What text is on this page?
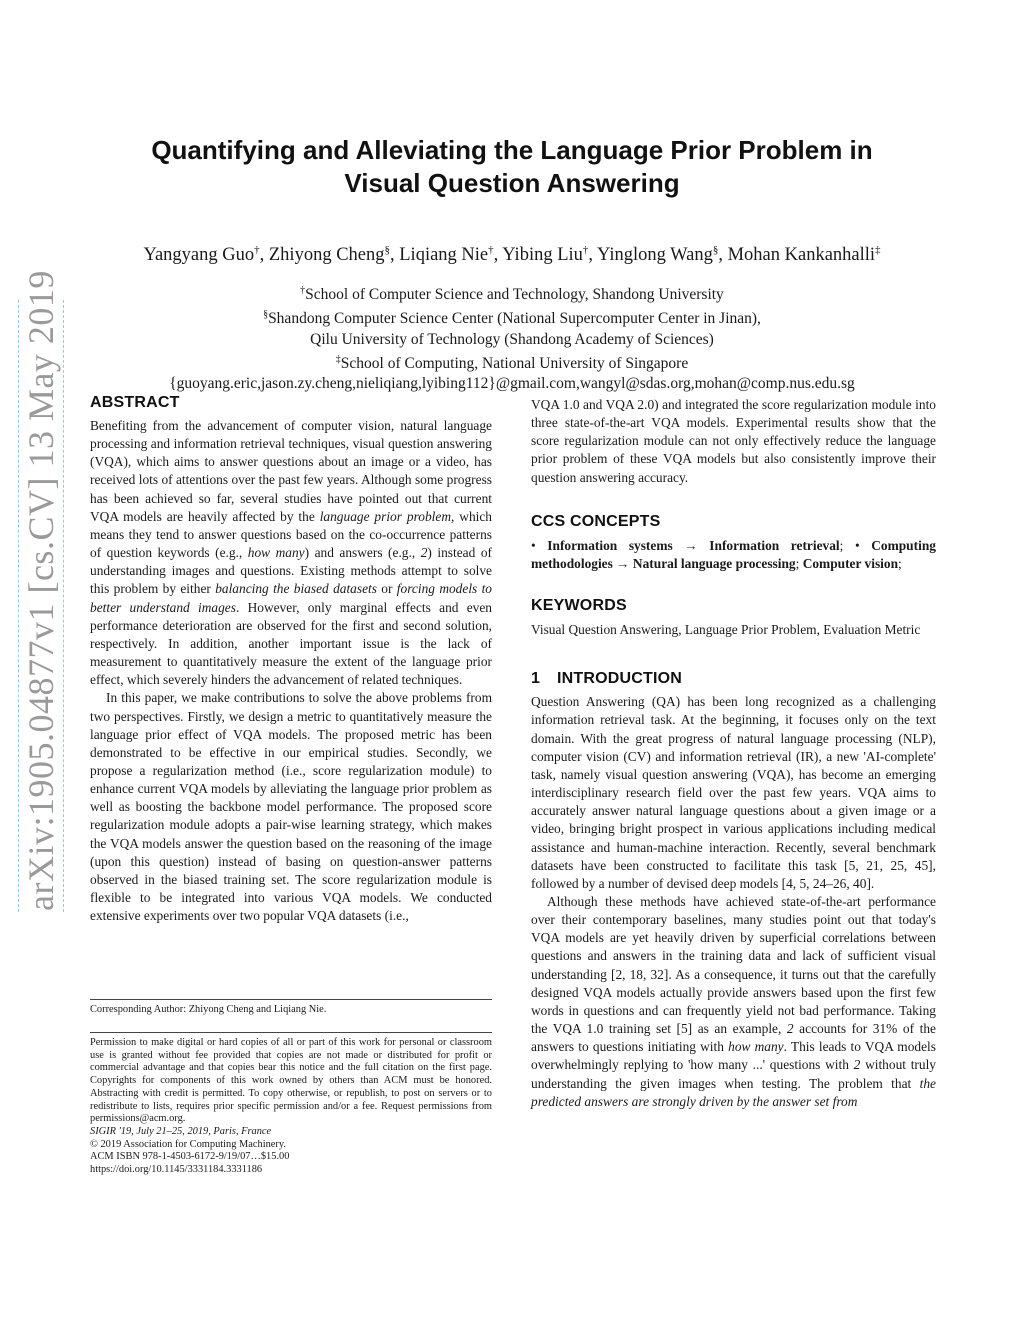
arXiv:1905.04877v1 [cs.CV] 13 May 2019
Quantifying and Alleviating the Language Prior Problem in
Visual Question Answering
Yangyang Guo†, Zhiyong Cheng§, Liqiang Nie†, Yibing Liu†, Yinglong Wang§, Mohan Kankanhalli‡
†School of Computer Science and Technology, Shandong University
§Shandong Computer Science Center (National Supercomputer Center in Jinan),
Qilu University of Technology (Shandong Academy of Sciences)
‡School of Computing, National University of Singapore
{guoyang.eric,jason.zy.cheng,nieliqiang,lyibing112}@gmail.com,wangyl@sdas.org,mohan@comp.nus.edu.sg
ABSTRACT

Benefiting from the advancement of computer vision, natural language processing and information retrieval techniques, visual question answering (VQA), which aims to answer questions about an image or a video, has received lots of attentions over the past few years. Although some progress has been achieved so far, several studies have pointed out that current VQA models are heavily affected by the language prior problem, which means they tend to answer questions based on the co-occurrence patterns of question keywords (e.g., how many) and answers (e.g., 2) instead of understanding images and questions. Existing methods attempt to solve this problem by either balancing the biased datasets or forcing models to better understand images. However, only marginal effects and even performance deterioration are observed for the first and second solution, respectively. In addition, another important issue is the lack of measurement to quantitatively measure the extent of the language prior effect, which severely hinders the advancement of related techniques.

In this paper, we make contributions to solve the above problems from two perspectives. Firstly, we design a metric to quantitatively measure the language prior effect of VQA models. The proposed metric has been demonstrated to be effective in our empirical studies. Secondly, we propose a regularization method (i.e., score regularization module) to enhance current VQA models by alleviating the language prior problem as well as boosting the backbone model performance. The proposed score regularization module adopts a pair-wise learning strategy, which makes the VQA models answer the question based on the reasoning of the image (upon this question) instead of basing on question-answer patterns observed in the biased training set. The score regularization module is flexible to be integrated into various VQA models. We conducted extensive experiments over two popular VQA datasets (i.e.,

Corresponding Author: Zhiyong Cheng and Liqiang Nie.

Permission to make digital or hard copies of all or part of this work for personal or classroom use is granted without fee provided that copies are not made or distributed for profit or commercial advantage and that copies bear this notice and the full citation on the first page. Copyrights for components of this work owned by others than ACM must be honored. Abstracting with credit is permitted. To copy otherwise, or republish, to post on servers or to redistribute to lists, requires prior specific permission and/or a fee. Request permissions from permissions@acm.org.

SIGIR '19, July 21–25, 2019, Paris, France
© 2019 Association for Computing Machinery.
ACM ISBN 978-1-4503-6172-9/19/07…$15.00
https://doi.org/10.1145/3331184.3331186

VQA 1.0 and VQA 2.0) and integrated the score regularization module into three state-of-the-art VQA models. Experimental results show that the score regularization module can not only effectively reduce the language prior problem of these VQA models but also consistently improve their question answering accuracy.

CCS CONCEPTS

• Information systems → Information retrieval; • Computing methodologies → Natural language processing; Computer vision;

KEYWORDS

Visual Question Answering, Language Prior Problem, Evaluation Metric

1 INTRODUCTION

Question Answering (QA) has been long recognized as a challenging information retrieval task. At the beginning, it focuses only on the text domain. With the great progress of natural language processing (NLP), computer vision (CV) and information retrieval (IR), a new 'AI-complete' task, namely visual question answering (VQA), has become an emerging interdisciplinary research field over the past few years. VQA aims to accurately answer natural language questions about a given image or a video, bringing bright prospect in various applications including medical assistance and human-machine interaction. Recently, several benchmark datasets have been constructed to facilitate this task [5, 21, 25, 45], followed by a number of devised deep models [4, 5, 24–26, 40].

Although these methods have achieved state-of-the-art performance over their contemporary baselines, many studies point out that today's VQA models are yet heavily driven by superficial correlations between questions and answers in the training data and lack of sufficient visual understanding [2, 18, 32]. As a consequence, it turns out that the carefully designed VQA models actually provide answers based upon the first few words in questions and can frequently yield not bad performance. Taking the VQA 1.0 training set [5] as an example, 2 accounts for 31% of the answers to questions initiating with how many. This leads to VQA models overwhelmingly replying to 'how many ...' questions with 2 without truly understanding the given images when testing. The problem that the predicted answers are strongly driven by the answer set from
